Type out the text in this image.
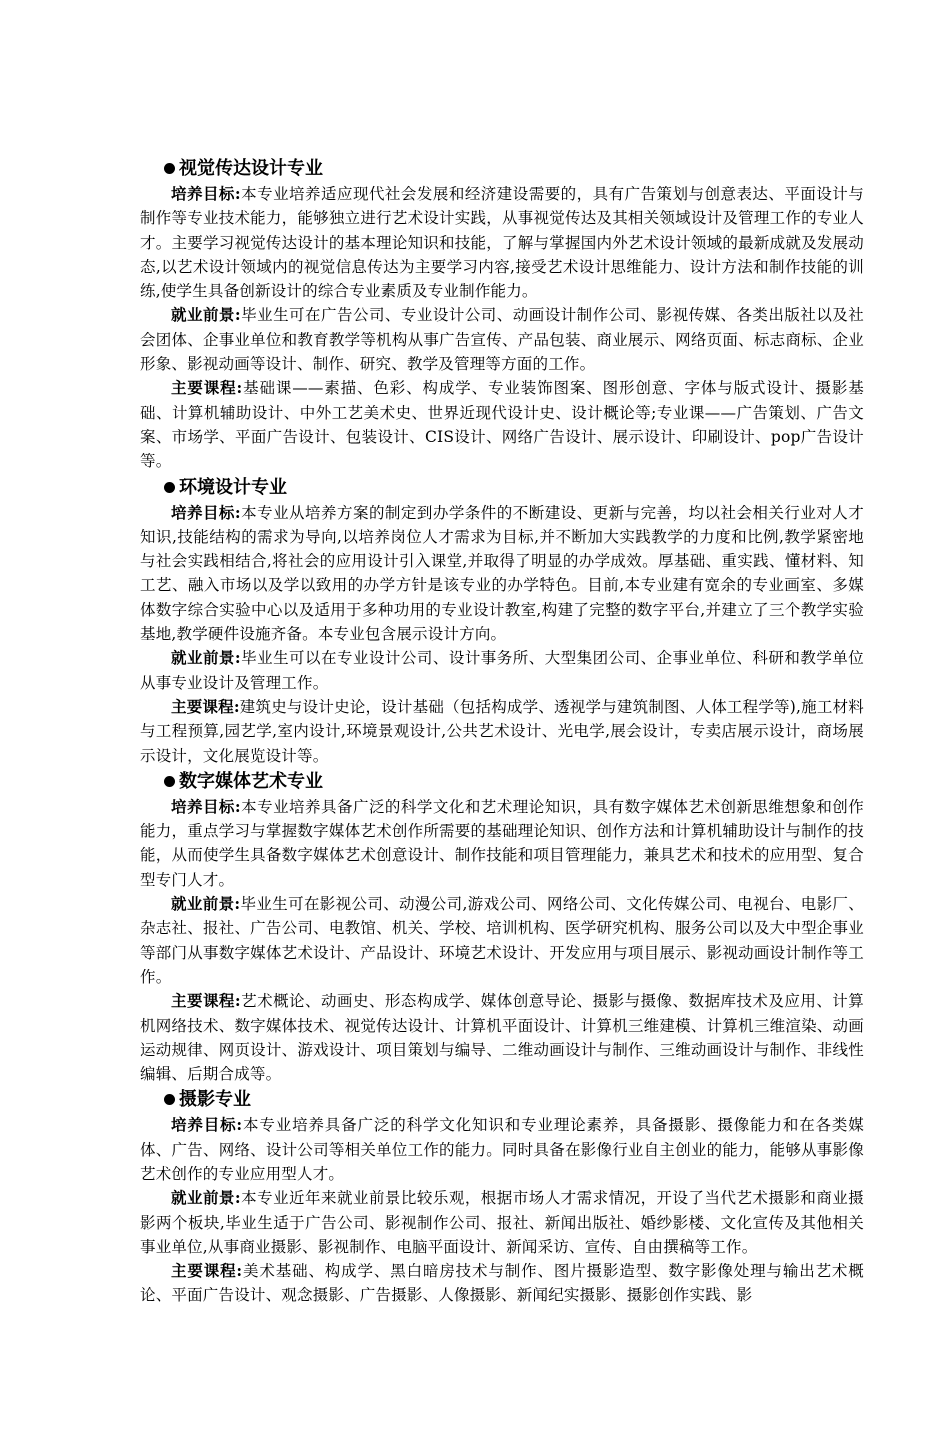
视觉传达设计专业

培养目标:本专业培养适应现代社会发展和经济建设需要的，具有广告策划与创意表达、平面设计与制作等专业技术能力，能够独立进行艺术设计实践，从事视觉传达及其相关领域设计及管理工作的专业人才。主要学习视觉传达设计的基本理论知识和技能，了解与掌握国内外艺术设计领域的最新成就及发展动态,以艺术设计领域内的视觉信息传达为主要学习内容,接受艺术设计思维能力、设计方法和制作技能的训练,使学生具备创新设计的综合专业素质及专业制作能力。

就业前景:毕业生可在广告公司、专业设计公司、动画设计制作公司、影视传媒、各类出版社以及社会团体、企事业单位和教育教学等机构从事广告宣传、产品包装、商业展示、网络页面、标志商标、企业形象、影视动画等设计、制作、研究、教学及管理等方面的工作。

主要课程:基础课——素描、色彩、构成学、专业装饰图案、图形创意、字体与版式设计、摄影基础、计算机辅助设计、中外工艺美术史、世界近现代设计史、设计概论等;专业课——广告策划、广告文案、市场学、平面广告设计、包装设计、CIS设计、网络广告设计、展示设计、印刷设计、pop广告设计等。

环境设计专业

培养目标:本专业从培养方案的制定到办学条件的不断建设、更新与完善，均以社会相关行业对人才知识,技能结构的需求为导向,以培养岗位人才需求为目标,并不断加大实践教学的力度和比例,教学紧密地与社会实践相结合,将社会的应用设计引入课堂,并取得了明显的办学成效。厚基础、重实践、懂材料、知工艺、融入市场以及学以致用的办学方针是该专业的办学特色。目前,本专业建有宽余的专业画室、多媒体数字综合实验中心以及适用于多种功用的专业设计教室,构建了完整的数字平台,并建立了三个教学实验基地,教学硬件设施齐备。本专业包含展示设计方向。

就业前景:毕业生可以在专业设计公司、设计事务所、大型集团公司、企事业单位、科研和教学单位从事专业设计及管理工作。

主要课程:建筑史与设计史论，设计基础（包括构成学、透视学与建筑制图、人体工程学等),施工材料与工程预算,园艺学,室内设计,环境景观设计,公共艺术设计、光电学,展会设计，专卖店展示设计，商场展示设计，文化展览设计等。

数字媒体艺术专业

培养目标:本专业培养具备广泛的科学文化和艺术理论知识，具有数字媒体艺术创新思维想象和创作能力，重点学习与掌握数字媒体艺术创作所需要的基础理论知识、创作方法和计算机辅助设计与制作的技能，从而使学生具备数字媒体艺术创意设计、制作技能和项目管理能力，兼具艺术和技术的应用型、复合型专门人才。

就业前景:毕业生可在影视公司、动漫公司,游戏公司、网络公司、文化传媒公司、电视台、电影厂、杂志社、报社、广告公司、电教馆、机关、学校、培训机构、医学研究机构、服务公司以及大中型企事业等部门从事数字媒体艺术设计、产品设计、环境艺术设计、开发应用与项目展示、影视动画设计制作等工作。

主要课程:艺术概论、动画史、形态构成学、媒体创意导论、摄影与摄像、数据库技术及应用、计算机网络技术、数字媒体技术、视觉传达设计、计算机平面设计、计算机三维建模、计算机三维渲染、动画运动规律、网页设计、游戏设计、项目策划与编导、二维动画设计与制作、三维动画设计与制作、非线性编辑、后期合成等。

摄影专业

培养目标:本专业培养具备广泛的科学文化知识和专业理论素养，具备摄影、摄像能力和在各类媒体、广告、网络、设计公司等相关单位工作的能力。同时具备在影像行业自主创业的能力，能够从事影像艺术创作的专业应用型人才。

就业前景:本专业近年来就业前景比较乐观，根据市场人才需求情况，开设了当代艺术摄影和商业摄影两个板块,毕业生适于广告公司、影视制作公司、报社、新闻出版社、婚纱影楼、文化宣传及其他相关事业单位,从事商业摄影、影视制作、电脑平面设计、新闻采访、宣传、自由撰稿等工作。

主要课程:美术基础、构成学、黑白暗房技术与制作、图片摄影造型、数字影像处理与输出艺术概论、平面广告设计、观念摄影、广告摄影、人像摄影、新闻纪实摄影、摄影创作实践、影
